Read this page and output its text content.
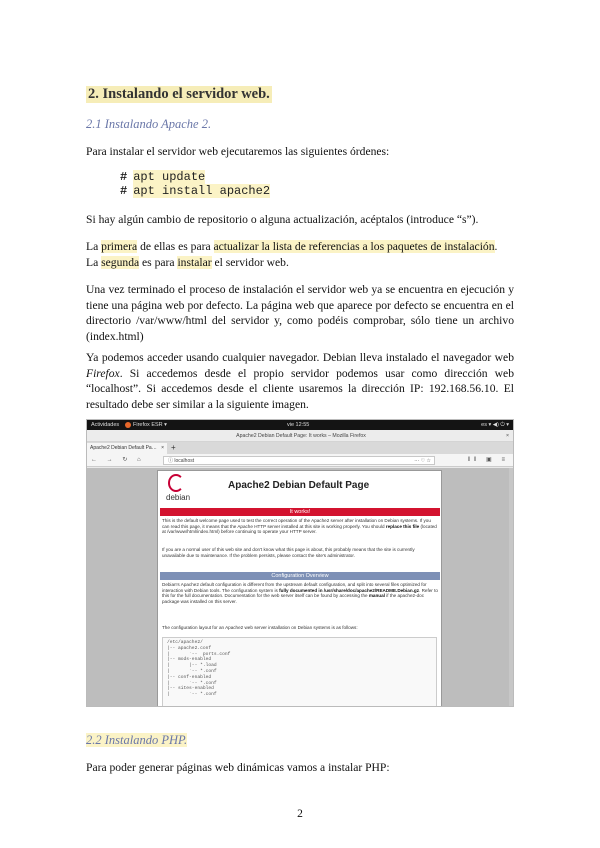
2. Instalando el servidor web.
2.1 Instalando Apache 2.
Para instalar el servidor web ejecutaremos las siguientes órdenes:
# apt update
# apt install apache2
Si hay algún cambio de repositorio o alguna actualización, acéptalos (introduce “s”).
La primera de ellas es para actualizar la lista de referencias a los paquetes de instalación.
La segunda es para instalar el servidor web.
Una vez terminado el proceso de instalación el servidor web ya se encuentra en ejecución y tiene una página web por defecto. La página web que aparece por defecto se encuentra en el directorio /var/www/html del servidor y, como podéis comprobar, sólo tiene un archivo (index.html)
Ya podemos acceder usando cualquier navegador. Debian lleva instalado el navegador web Firefox. Si accedemos desde el propio servidor podemos usar como dirección web “localhost”. Si accedemos desde el cliente usaremos la dirección IP: 192.168.56.10. El resultado debe ser similar a la siguiente imagen.
Actividades	Firefox ESR ▾	vie 12:55	es ▾ ◀) ⏻ ▾
Apache2 Debian Default Page: It works – Mozilla Firefox	×
Apache2 Debian Default Pa… × +
← → ↻ ⌂	ⓘ localhost	··· ♡ ☆	‖‖ ▣ ≡
debian
Apache2 Debian Default Page
It works!
This is the default welcome page used to test the correct operation of the Apache2 server after installation on Debian systems. If you can read this page, it means that the Apache HTTP server installed at this site is working properly. You should replace this file (located at /var/www/html/index.html) before continuing to operate your HTTP server.
If you are a normal user of this web site and don't know what this page is about, this probably means that the site is currently unavailable due to maintenance. If the problem persists, please contact the site's administrator.
Configuration Overview
Debian's Apache2 default configuration is different from the upstream default configuration, and split into several files optimized for interaction with Debian tools. The configuration system is fully documented in /usr/share/doc/apache2/README.Debian.gz. Refer to this for the full documentation. Documentation for the web server itself can be found by accessing the manual if the apache2-doc package was installed on this server.
The configuration layout for an Apache2 web server installation on Debian systems is as follows:
/etc/apache2/
|-- apache2.conf
|       `--  ports.conf
|-- mods-enabled
|       |-- *.load
|       `-- *.conf
|-- conf-enabled
|       `-- *.conf
|-- sites-enabled
|       `-- *.conf
2.2 Instalando PHP.
Para poder generar páginas web dinámicas vamos a instalar PHP:
2
